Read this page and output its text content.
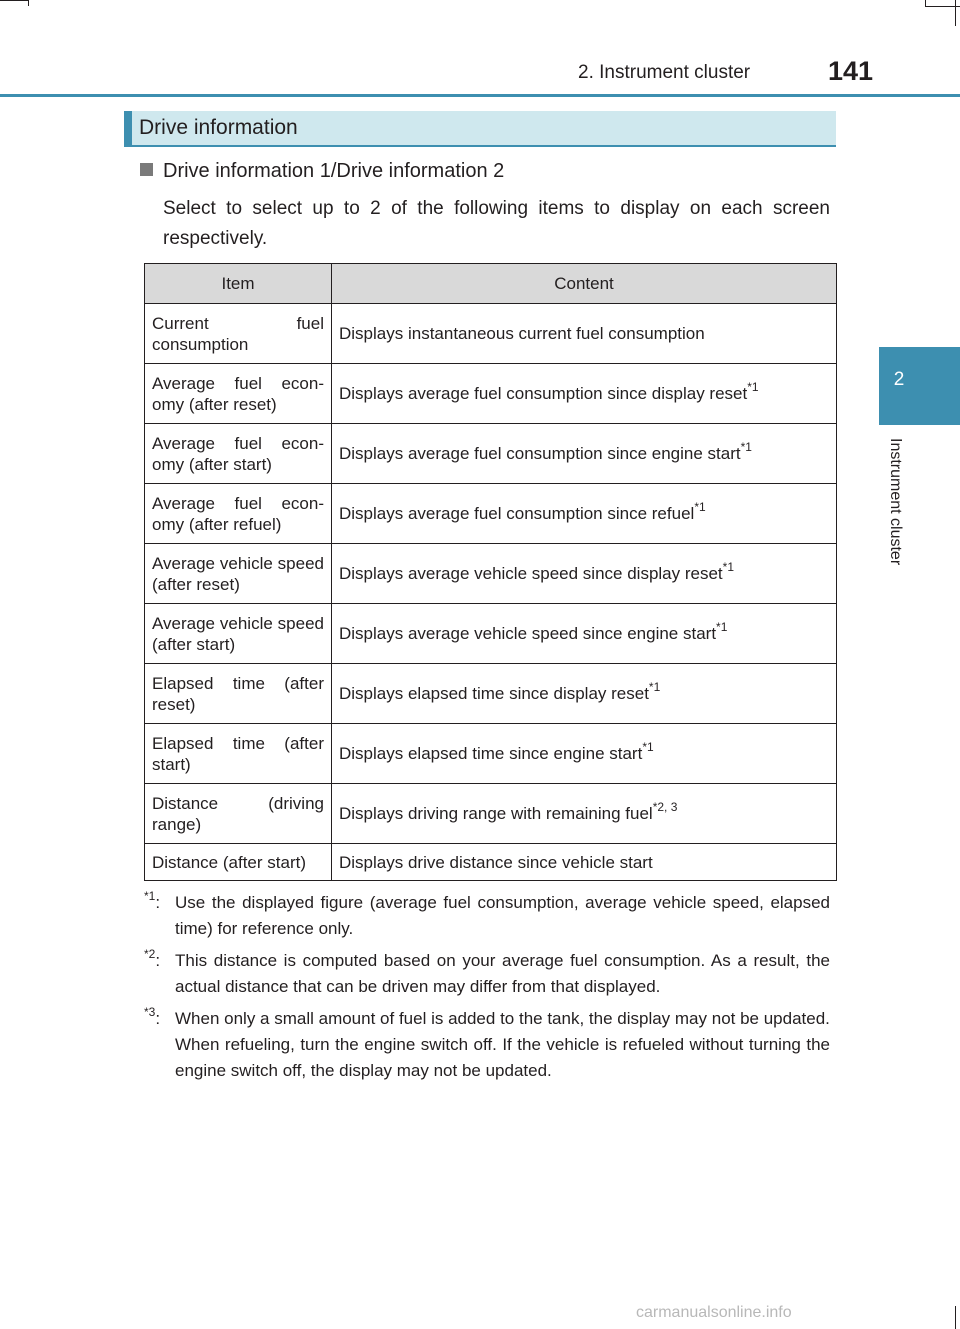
2. Instrument cluster	141
2
Instrument cluster
Drive information
Drive information 1/Drive information 2
Select to select up to 2 of the following items to display on each screen respectively.
Item	Content
Current fuel consumption	Displays instantaneous current fuel consumption
Average fuel econ-omy (after reset)	Displays average fuel consumption since display reset$^{*1}$
Average fuel econ-omy (after start)	Displays average fuel consumption since engine start$^{*1}$
Average fuel econ-omy (after refuel)	Displays average fuel consumption since refuel$^{*1}$
Average vehicle speed (after reset)	Displays average vehicle speed since display reset$^{*1}$
Average vehicle speed (after start)	Displays average vehicle speed since engine start$^{*1}$
Elapsed time (after reset)	Displays elapsed time since display reset$^{*1}$
Elapsed time (after start)	Displays elapsed time since engine start$^{*1}$
Distance (driving range)	Displays driving range with remaining fuel$^{*2, 3}$
Distance (after start)	Displays drive distance since vehicle start
$^{*1}$: Use the displayed figure (average fuel consumption, average vehicle speed, elapsed time) for reference only.
$^{*2}$: This distance is computed based on your average fuel consumption. As a result, the actual distance that can be driven may differ from that displayed.
$^{*3}$: When only a small amount of fuel is added to the tank, the display may not be updated.
When refueling, turn the engine switch off. If the vehicle is refueled without turning the engine switch off, the display may not be updated.
carmanualsonline.info
